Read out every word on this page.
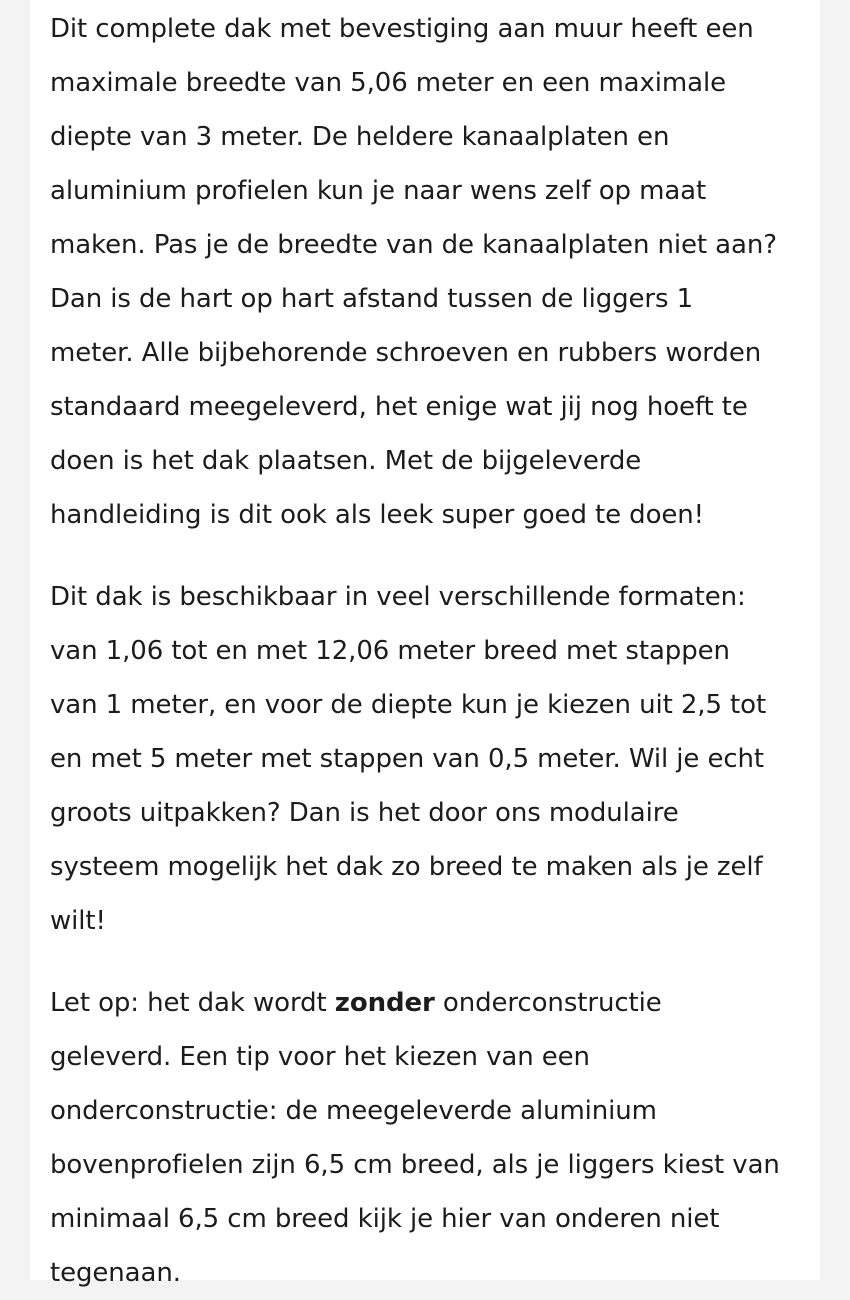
Dit complete dak met bevestiging aan muur heeft een
maximale breedte van 5,06 meter en een maximale
diepte van 3 meter. De heldere kanaalplaten en
aluminium profielen kun je naar wens zelf op maat
maken. Pas je de breedte van de kanaalplaten niet aan?
Dan is de hart op hart afstand tussen de liggers 1
meter. Alle bijbehorende schroeven en rubbers worden
standaard meegeleverd, het enige wat jij nog hoeft te
doen is het dak plaatsen. Met de bijgeleverde
handleiding is dit ook als leek super goed te doen!

Dit dak is beschikbaar in veel verschillende formaten:
van 1,06 tot en met 12,06 meter breed met stappen
van 1 meter, en voor de diepte kun je kiezen uit 2,5 tot
en met 5 meter met stappen van 0,5 meter. Wil je echt
groots uitpakken? Dan is het door ons modulaire
systeem mogelijk het dak zo breed te maken als je zelf
wilt!

Let op: het dak wordt zonder onderconstructie
geleverd. Een tip voor het kiezen van een
onderconstructie: de meegeleverde aluminium
bovenprofielen zijn 6,5 cm breed, als je liggers kiest van
minimaal 6,5 cm breed kijk je hier van onderen niet
tegenaan.
